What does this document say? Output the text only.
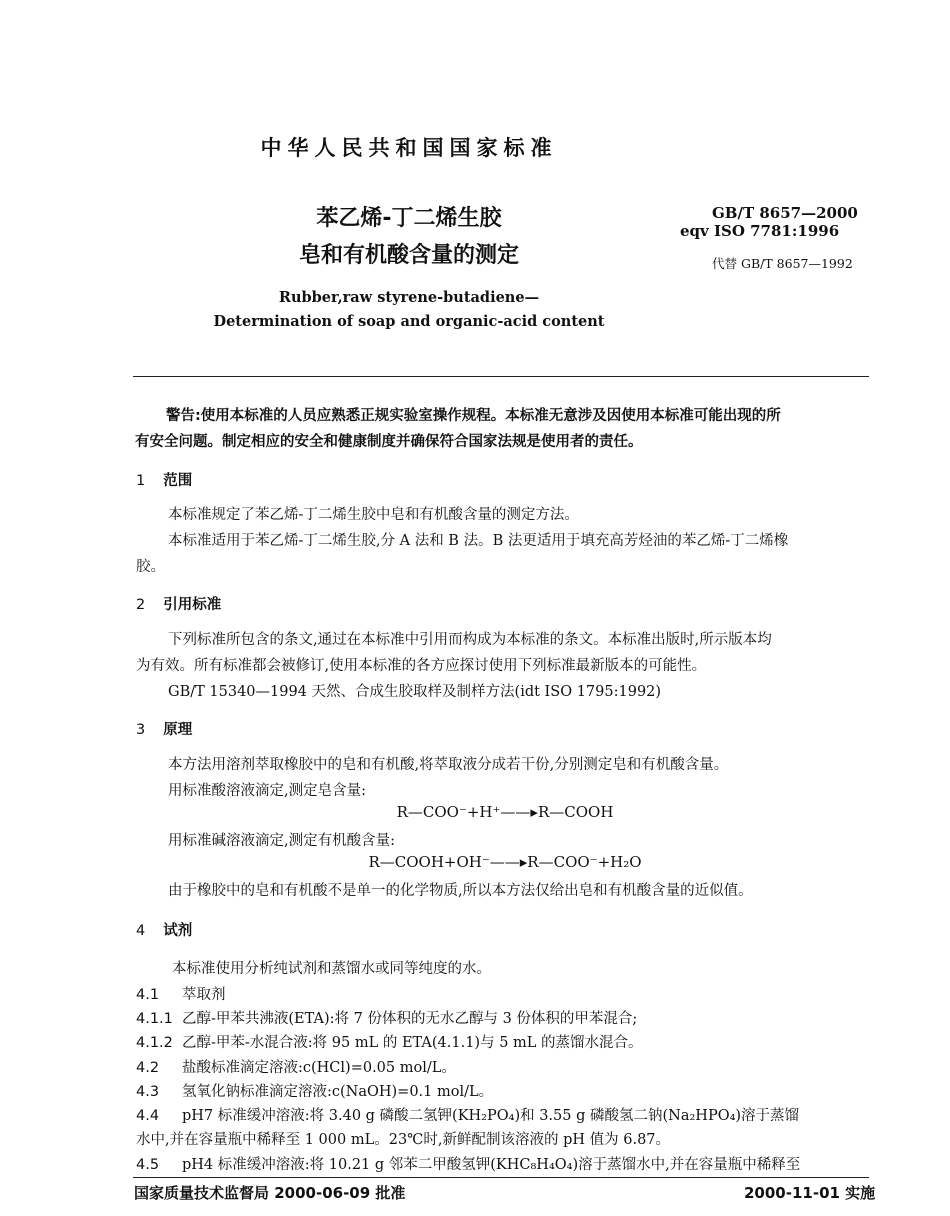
中华人民共和国国家标准
苯乙烯-丁二烯生胶
皂和有机酸含量的测定
GB/T 8657—2000
eqv ISO 7781:1996
代替 GB/T 8657—1992
Rubber,raw styrene-butadiene—
Determination of soap and organic-acid content
警告:使用本标准的人员应熟悉正规实验室操作规程。本标准无意涉及因使用本标准可能出现的所
有安全问题。制定相应的安全和健康制度并确保符合国家法规是使用者的责任。
1 范围
本标准规定了苯乙烯-丁二烯生胶中皂和有机酸含量的测定方法。
本标准适用于苯乙烯-丁二烯生胶,分 A 法和 B 法。B 法更适用于填充高芳烃油的苯乙烯-丁二烯橡
胶。
2 引用标准
下列标准所包含的条文,通过在本标准中引用而构成为本标准的条文。本标准出版时,所示版本均
为有效。所有标准都会被修订,使用本标准的各方应探讨使用下列标准最新版本的可能性。
GB/T 15340—1994 天然、合成生胶取样及制样方法(idt ISO 1795:1992)
3 原理
本方法用溶剂萃取橡胶中的皂和有机酸,将萃取液分成若干份,分别测定皂和有机酸含量。
用标准酸溶液滴定,测定皂含量:
R—COO⁻+H⁺——▸R—COOH
用标准碱溶液滴定,测定有机酸含量:
R—COOH+OH⁻——▸R—COO⁻+H₂O
由于橡胶中的皂和有机酸不是单一的化学物质,所以本方法仅给出皂和有机酸含量的近似值。
4 试剂
本标准使用分析纯试剂和蒸馏水或同等纯度的水。
4.1 萃取剂
4.1.1 乙醇-甲苯共沸液(ETA):将 7 份体积的无水乙醇与 3 份体积的甲苯混合;
4.1.2 乙醇-甲苯-水混合液:将 95 mL 的 ETA(4.1.1)与 5 mL 的蒸馏水混合。
4.2 盐酸标准滴定溶液:c(HCl)=0.05 mol/L。
4.3 氢氧化钠标准滴定溶液:c(NaOH)=0.1 mol/L。
4.4 pH7 标准缓冲溶液:将 3.40 g 磷酸二氢钾(KH₂PO₄)和 3.55 g 磷酸氢二钠(Na₂HPO₄)溶于蒸馏
水中,并在容量瓶中稀释至 1 000 mL。23℃时,新鲜配制该溶液的 pH 值为 6.87。
4.5 pH4 标准缓冲溶液:将 10.21 g 邻苯二甲酸氢钾(KHC₈H₄O₄)溶于蒸馏水中,并在容量瓶中稀释至
国家质量技术监督局 2000-06-09 批准	2000-11-01 实施
